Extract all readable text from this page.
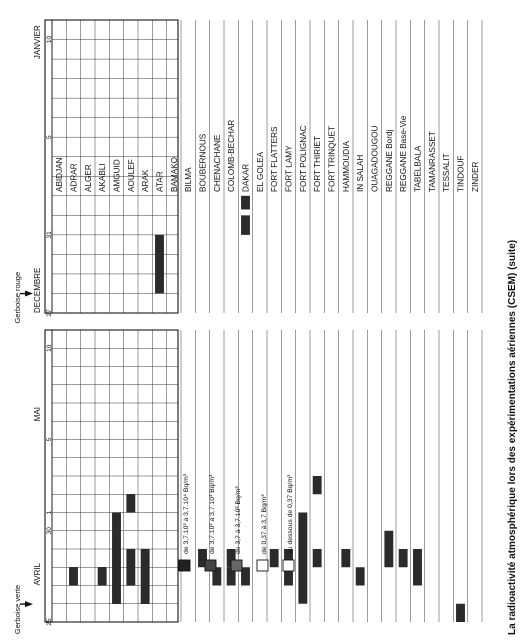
ABIDJAN ADRAR ALGER AKABLI AMGUID AOULEF ARAK ATAR BAMAKO BILMA BOUBERNOUS CHENACHANE COLOMB-BECHAR DAKAR EL GOLEA FORT FLATTERS FORT LAMY FORT POLIGNAC FORT THIRIET FORT TRINQUET HAMMOUDIA IN SALAH OUAGADOUGOU REGGANE Bordj REGGANE Base-Vie TABELBALA TAMANRASSET TESSALIT TINDOUF ZINDER
27
31
5
10
DECEMBRE
JANVIER
Gerboise rouge
25
30
1
5
10
AVRIL
MAI
Gerboise verte	La radioactivité atmosphérique lors des expérimentations aériennes (CSEM) (suite)
de 3,7.10³ à 3,7.10⁴ Bq/m³	de 3,7.10² à 3,7.10³ Bq/m³	de 3,7 à 3,7.10² Bq/m³	de 0,37 à 3,7 Bq/m³	au dessous de 0,37 Bq/m³
